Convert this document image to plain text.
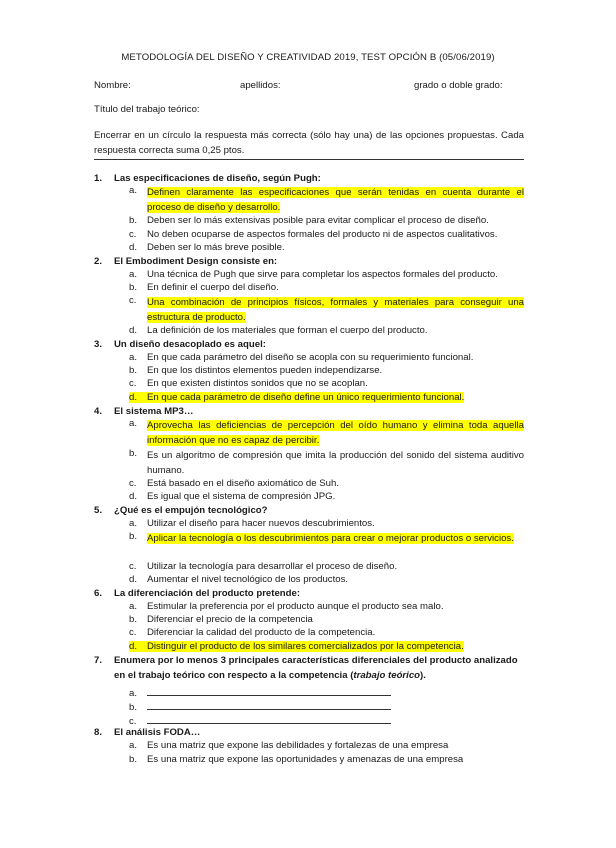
METODOLOGÍA DEL DISEÑO Y CREATIVIDAD 2019, TEST OPCIÓN B (05/06/2019)
Nombre:	apellidos:	grado o doble grado:
Título del trabajo teórico:
Encerrar en un círculo la respuesta más correcta (sólo hay una) de las opciones propuestas. Cada respuesta correcta suma 0,25 ptos.
1. Las especificaciones de diseño, según Pugh:
a.	Definen claramente las especificaciones que serán tenidas en cuenta durante el proceso de diseño y desarrollo.
b. Deben ser lo más extensivas posible para evitar complicar el proceso de diseño.
c. No deben ocuparse de aspectos formales del producto ni de aspectos cualitativos.
d. Deben ser lo más breve posible.
2. El Embodiment Design consiste en:
a. Una técnica de Pugh que sirve para completar los aspectos formales del producto.
b. En definir el cuerpo del diseño.
c.	Una combinación de principios físicos, formales y materiales para conseguir una estructura de producto.
d. La definición de los materiales que forman el cuerpo del producto.
3. Un diseño desacoplado es aquel:
a. En que cada parámetro del diseño se acopla con su requerimiento funcional.
b. En que los distintos elementos pueden independizarse.
c. En que existen distintos sonidos que no se acoplan.
d. En que cada parámetro de diseño define un único requerimiento funcional.
4. El sistema MP3…
a.	Aprovecha las deficiencias de percepción del oído humano y elimina toda aquella información que no es capaz de percibir.
b.	Es un algoritmo de compresión que imita la producción del sonido del sistema auditivo humano.
c. Está basado en el diseño axiomático de Suh.
d. Es igual que el sistema de compresión JPG.
5. ¿Qué es el empujón tecnológico?
a. Utilizar el diseño para hacer nuevos descubrimientos.
b.	Aplicar la tecnología o los descubrimientos para crear o mejorar productos o servicios.
c. Utilizar la tecnología para desarrollar el proceso de diseño.
d. Aumentar el nivel tecnológico de los productos.
6. La diferenciación del producto pretende:
a. Estimular la preferencia por el producto aunque el producto sea malo.
b. Diferenciar el precio de la competencia
c. Diferenciar la calidad del producto de la competencia.
d. Distinguir el producto de los similares comercializados por la competencia.
7. Enumera por lo menos 3 principales características diferenciales del producto analizado
en el trabajo teórico con respecto a la competencia (trabajo teórico).
a.
b.
c.
8. El análisis FODA…
a. Es una matriz que expone las debilidades y fortalezas de una empresa
b. Es una matriz que expone las oportunidades y amenazas de una empresa
